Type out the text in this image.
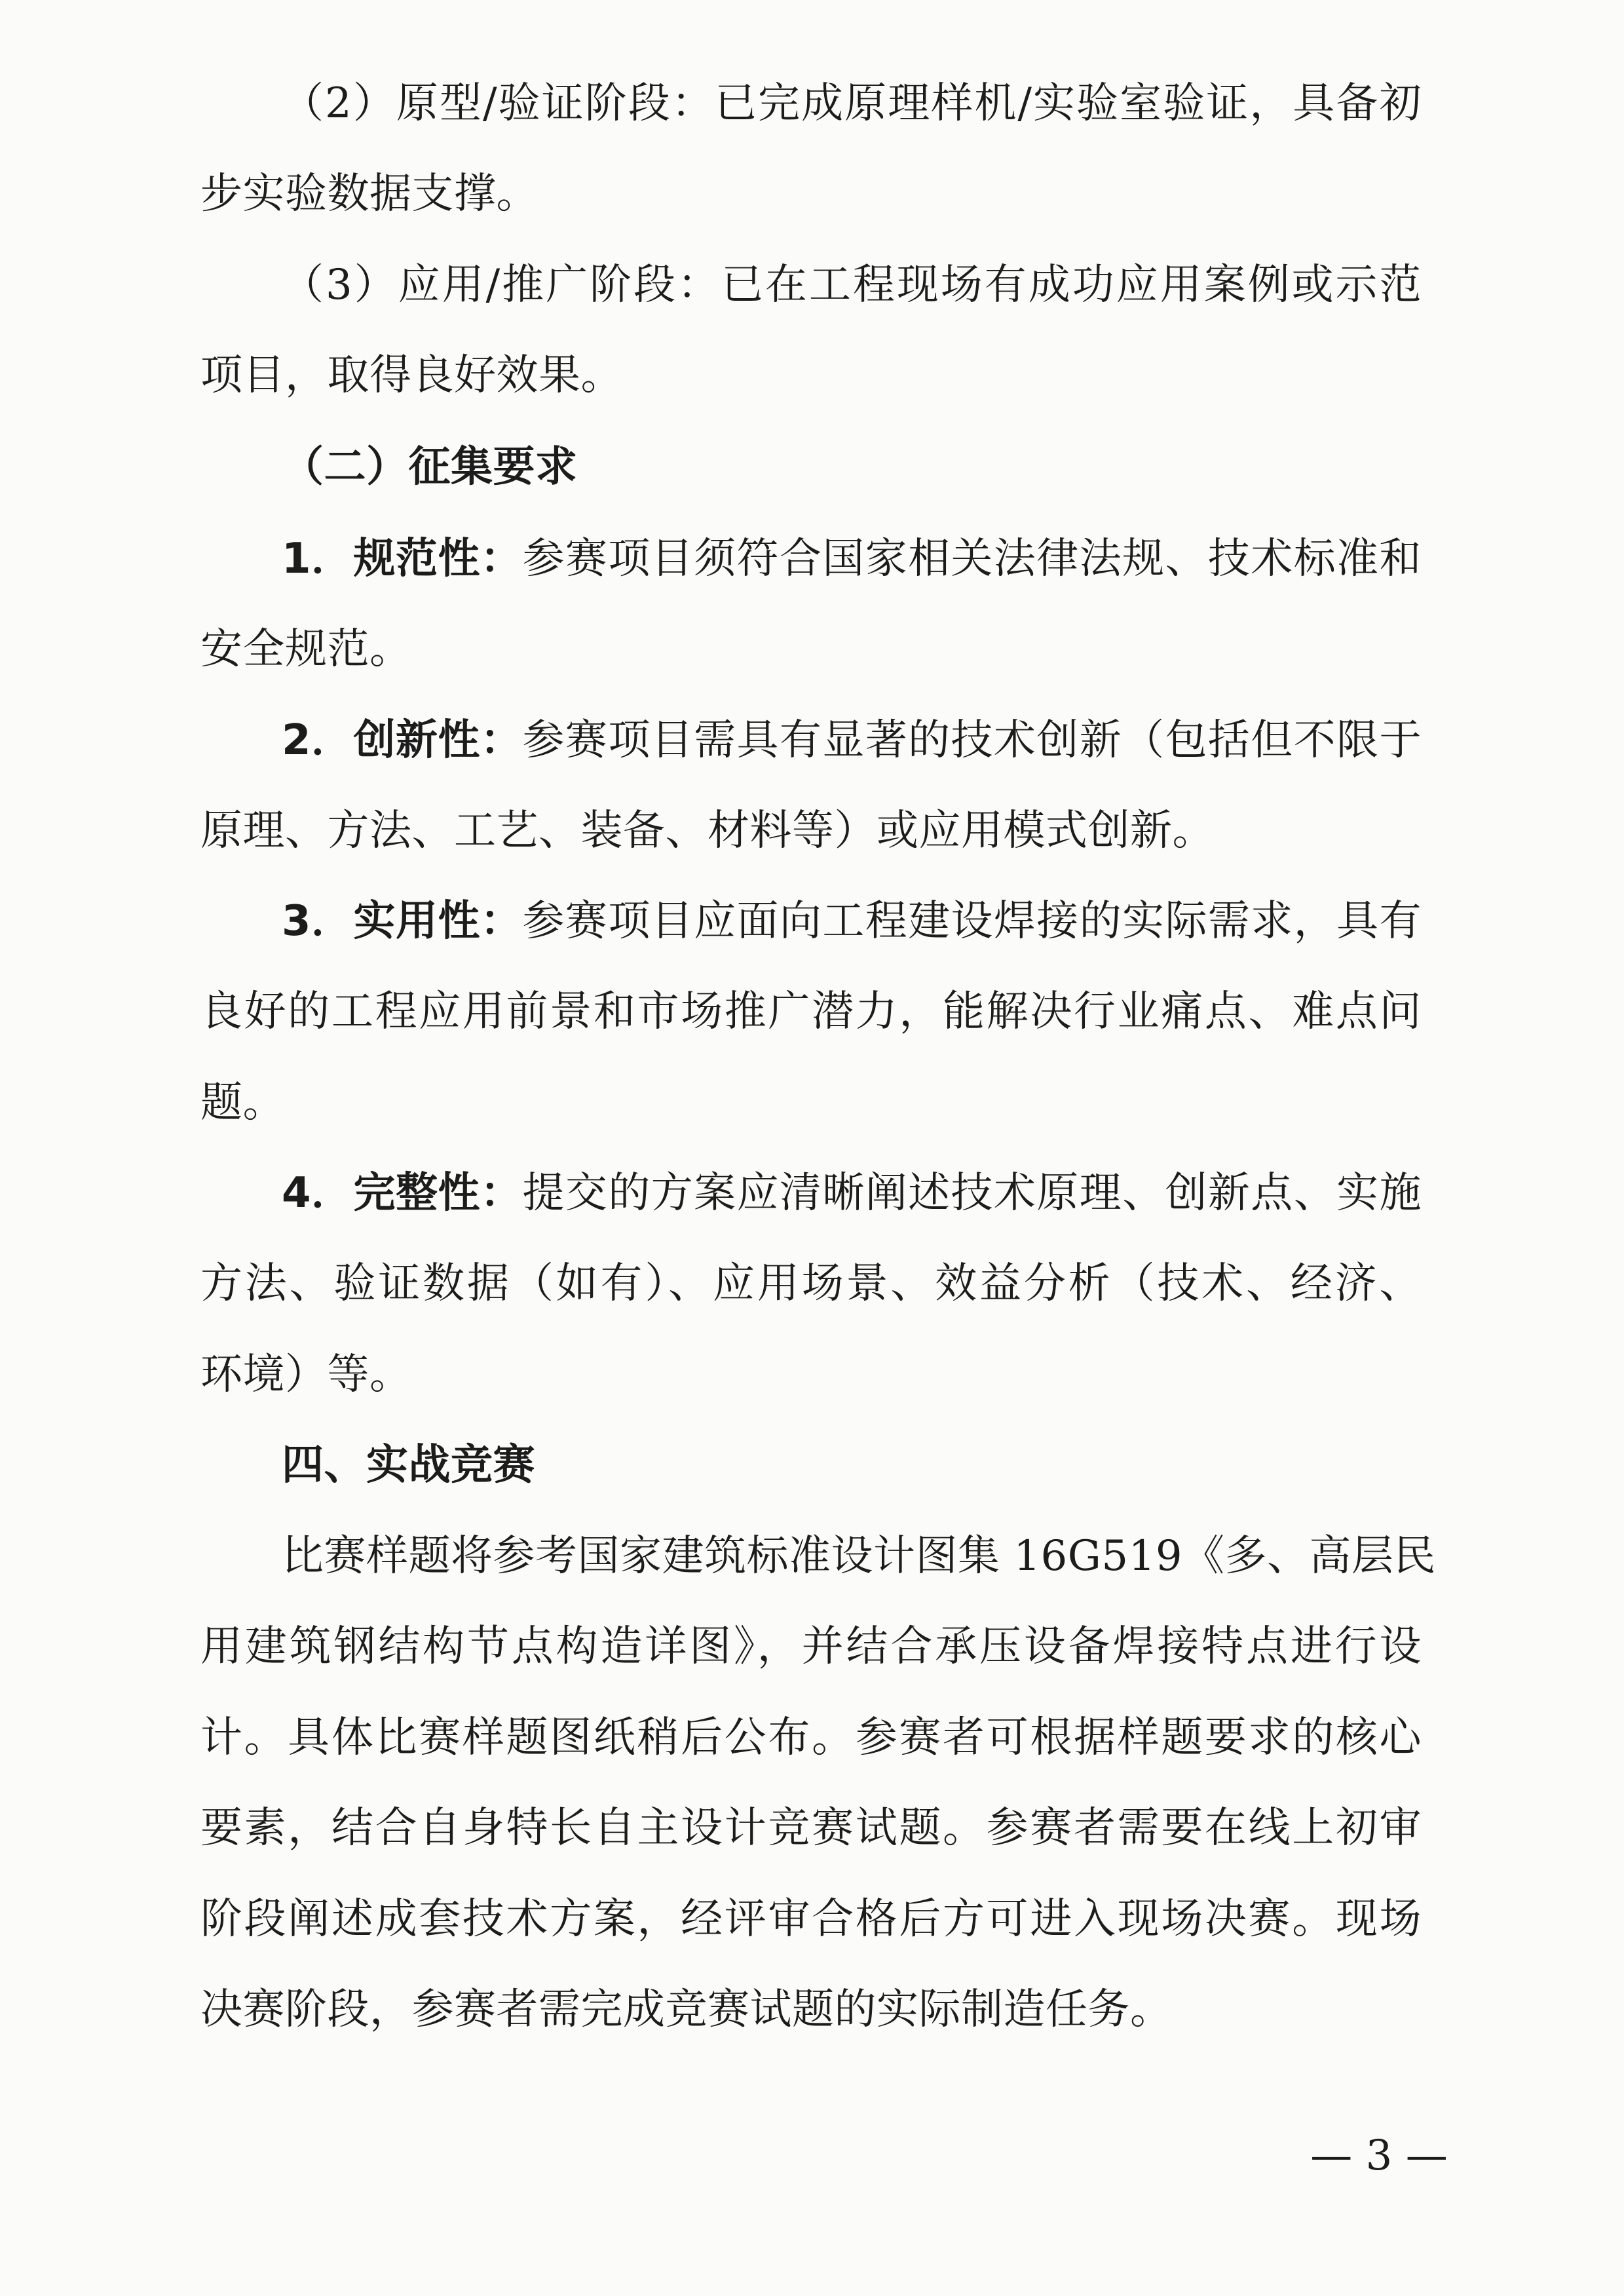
（2）原型/验证阶段：已完成原理样机/实验室验证，具备初
步实验数据支撑。
（3）应用/推广阶段：已在工程现场有成功应用案例或示范
项目，取得良好效果。
（二）征集要求
1．规范性： 参赛项目须符合国家相关法律法规、技术标准和
安全规范。
2．创新性： 参赛项目需具有显著的技术创新（包括但不限于
原理、方法、工艺、装备、材料等）或应用模式创新。
3．实用性： 参赛项目应面向工程建设焊接的实际需求，具有
良好的工程应用前景和市场推广潜力，能解决行业痛点、难点问
题。
4．完整性： 提交的方案应清晰阐述技术原理、创新点、实施
方法、验证数据（如有）、应用场景、效益分析（技术、经济、
环境）等。
四、实战竞赛
比赛样题将参考国家建筑标准设计图集 16G519《多、高层民
用建筑钢结构节点构造详图》，并结合承压设备焊接特点进行设
计。具体比赛样题图纸稍后公布。参赛者可根据样题要求的核心
要素，结合自身特长自主设计竞赛试题。参赛者需要在线上初审
阶段阐述成套技术方案，经评审合格后方可进入现场决赛。现场
决赛阶段，参赛者需完成竞赛试题的实际制造任务。
— 3 —
